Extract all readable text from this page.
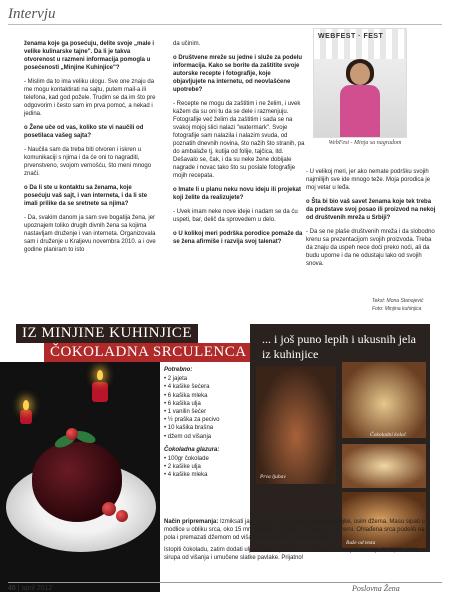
Intervju

ženama koje ga posećuju, delite svoje „male i velike kulinarske tajne". Da li je takva otvorenost u razmeni informacija pomogla u posećenosti „Minjine Kuhinjice"?

- Mislim da to ima veliku ulogu. Sve one znaju da me mogu kontaktirati na sajtu, putem mail-a ili telefona, kad god požele. Trudim se da im što pre odgovorim i često sam im prva pomoć, a nekad i jedina.

o Žene uče od vas, koliko ste vi naučili od posetilaca vašeg sajta?

- Naučila sam da treba biti otvoren i iskren u komunikaciji s njima i da će oni to nagraditi, prvenstveno, svojom vernošću, što meni mnogo znači.

o Da li ste u kontaktu sa ženama, koje posećuju vaš sajt, i van interneta, i da li ste imali prilike da se sretnete sa njima?

- Da, svakim danom ja sam sve bogatija žena, jer upoznajem toliko drugih divnih žena sa kojima nastavljam druženje i van interneta. Organizovala sam i druženje u Kraljevu novembra 2010. a i ove godine planiram to isto

da učinim.

o Društvene mreže su jedne i služe za podelu informacija. Kako se borite da zaštitite svoje autorske recepte i fotografije, koje objavljujete na internetu, od neovlašćene upotrebe?

- Recepte ne mogu da zaštitim i ne želim, i uvek kažem da su oni tu da se dele i razmenjuju. Fotografije već želim da zaštitim i sada se na svakoj mojoj slici nalazi "watermark". Svoje fotografije sam nalazila i nalazim svuda, od poznatih dnevnih novina, što nažih što stranih, pa do ambalaže tj. kutija od folije, tajčica, itd. Dešavalo se, čak, i da su neke žene dobijale nagrade i novac tako što su poslale fotografije mojih recepata.

o Imate li u planu neku novu ideju ili projekat koji želite da realizujete?

- Uvek imam neke nove ideje i nadam se da ću uspeti, bar, deliĉ da sprovedem u delo.

o U kolikoj meri podrška porodice pomaže da se žena afirmiše i razvija svoj talenat?

WEBFEST · FEST
WebFest - Minja sa nagradom

- U velikoj meri, jer ako nemate podršku svojih najmilijih sve ide mnogo teže. Moja porodica je moj vetar u leđa.

o Šta bi bio vaš savet ženama koje tek treba da predstave svoj posao ili proizvod na nekoj od društvenih mreža u Srbiji?

- Da se ne plaše društvenih mreža i da slobodno krenu sa prezentacijom svojih proizvoda. Treba da znaju da uspeh nece doći preko noći, ali da budu uporne i da ne odustaju lako od svojih snova.

Tekst: Mona Stanojević
Foto: Minjina kuhinjica
IZ MINJINE KUHINJICE
ČOKOLADNA SRCULENCA
Potrebno:
• 2 jajeta
• 4 kašike šećera
• 6 kašika mleka
• 6 kašika ulja
• 1 vanilin šećer
• ½ praška za pecivo
• 10 kašika brašna
• džem od višanja
Čokoladna glazura:
• 100gr čokolade
• 2 kašike ulja
• 4 kašike mleka
... i još puno lepih i ukusnih jela iz kuhinjice
Prva ljubav
Čokoladni kolač
Ruže od testa

Način pripremanja: Izmiksati jaja i šećer, zatim dodati ostale sastojke, osim džema. Masu sipati u modlice u obliku srca, oko 15 mm debljine i nekoliko minuta peći u rerni. Ohlađena srca podeliti na pola i premazati džemom od višanja, pa ih zatim ponovo spojiti.

Istopiti čokoladu, zatim dodati ulje i mleko i preliti srca. Servirati na tanjirić na koji ste sipali malo sirupa od višanja i umučene slatke pavlake. Prijatno!

40 | april 2012	Poslovna Žena
